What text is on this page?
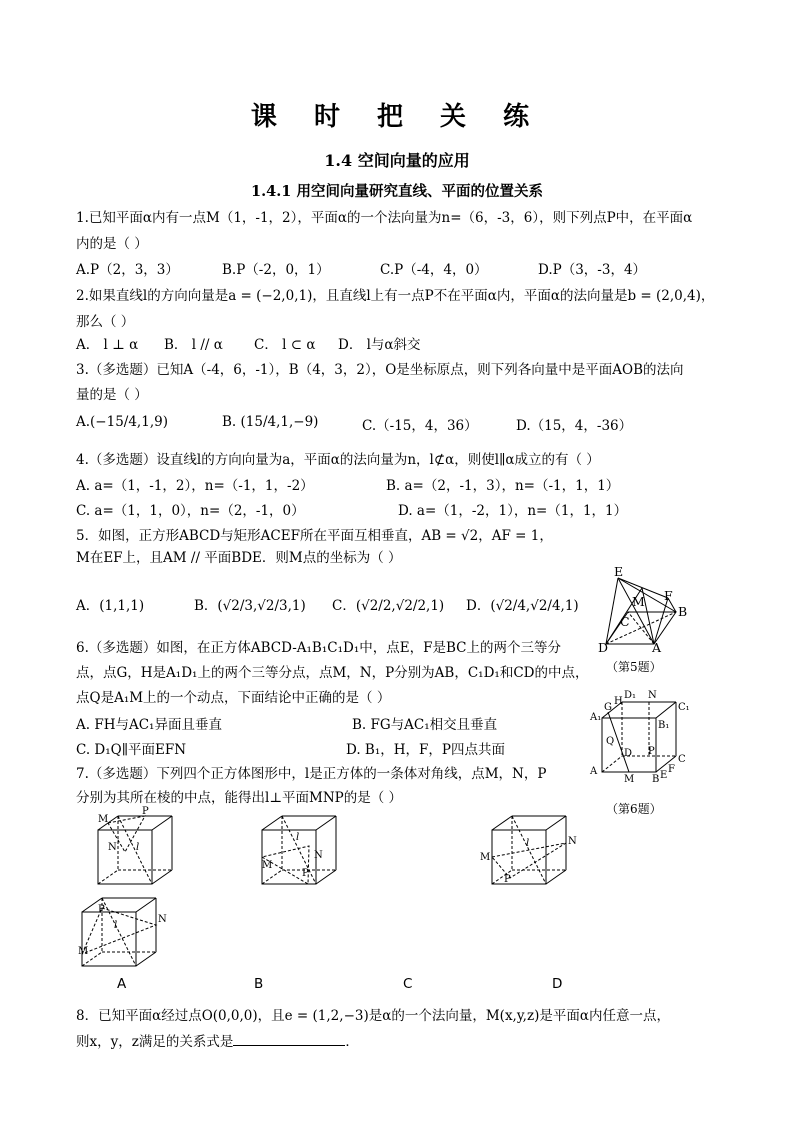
课 时 把 关 练
1.4 空间向量的应用
1.4.1 用空间向量研究直线、平面的位置关系
1.已知平面α内有一点M（1，-1，2），平面α的一个法向量为n=（6，-3，6），则下列点P中，在平面α
内的是（ ）
A.P（2，3，3）	B.P（-2，0，1）	C.P（-4，4，0）	D.P（3，-3，4）
2.如果直线l的方向向量是a = (−2,0,1)，且直线l上有一点P不在平面α内，平面α的法向量是b = (2,0,4)，
那么（ ）
A． l ⊥ α B． l // α C． l ⊂ α D． l与α斜交
3.（多选题）已知A（-4，6，-1），B（4，3，2），O是坐标原点，则下列各向量中是平面AOB的法向
量的是（ ）
A.(−15/4,1,9)	B. (15/4,1,−9)	C.（-15，4，36）	D.（15，4，-36）
4.（多选题）设直线l的方向向量为a，平面α的法向量为n，l⊄α，则使l∥α成立的有（ ）
A. a=（1，-1，2），n=（-1，1，-2）	B. a=（2，-1，3），n=（-1，1，1）
C. a=（1，1，0），n=（2，-1，0）	D. a=（1，-2，1），n=（1，1，1）
5．如图，正方形ABCD与矩形ACEF所在平面互相垂直，AB = √2，AF = 1，
M在EF上，且AM // 平面BDE．则M点的坐标为（ ）
A．(1,1,1)	B．(√2/3,√2/3,1) C．(√2/2,√2/2,1) D．(√2/4,√2/4,1)
E
F
M
B
C
D	A
（第5题）
6.（多选题）如图，在正方体ABCD-A₁B₁C₁D₁中，点E，F是BC上的两个三等分
点，点G，H是A₁D₁上的两个三等分点，点M，N，P分别为AB，C₁D₁和CD的中点，
点Q是A₁M上的一个动点，下面结论中正确的是（ ）
A. FH与AC₁异面且垂直	B. FG与AC₁相交且垂直
C. D₁Q∥平面EFN	D. B₁，H，F，P四点共面
A₁
G
H
D₁ N
C₁
B₁
Q
D P
A
M B E
F
C
（第6题）
7.（多选题）下列四个正方体图形中，l是正方体的一条体对角线，点M，N，P
分别为其所在棱的中点，能得出l⊥平面MNP的是（ ）
M
P
N l
M
N
P
l
M
N
P
l
P
N
M
l
A	B	C	D
8．已知平面α经过点O(0,0,0)，且e = (1,2,−3)是α的一个法向量，M(x,y,z)是平面α内任意一点，
则x，y，z满足的关系式是	．
